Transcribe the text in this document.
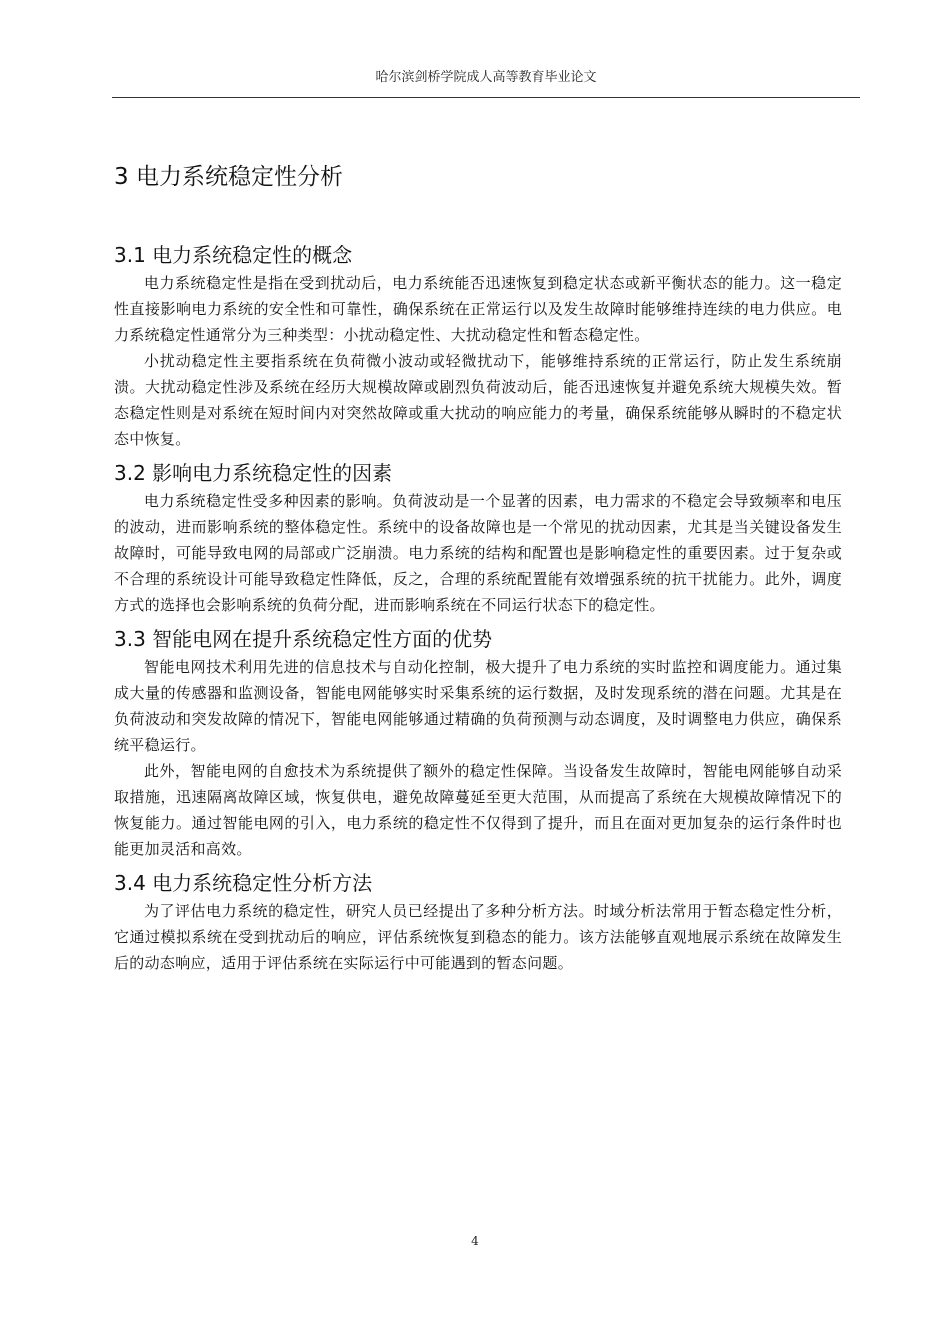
哈尔滨剑桥学院成人高等教育毕业论文
3 电力系统稳定性分析
3.1 电力系统稳定性的概念

电力系统稳定性是指在受到扰动后，电力系统能否迅速恢复到稳定状态或新平衡状态的能力。这一稳定性直接影响电力系统的安全性和可靠性，确保系统在正常运行以及发生故障时能够维持连续的电力供应。电力系统稳定性通常分为三种类型：小扰动稳定性、大扰动稳定性和暂态稳定性。

小扰动稳定性主要指系统在负荷微小波动或轻微扰动下，能够维持系统的正常运行，防止发生系统崩溃。大扰动稳定性涉及系统在经历大规模故障或剧烈负荷波动后，能否迅速恢复并避免系统大规模失效。暂态稳定性则是对系统在短时间内对突然故障或重大扰动的响应能力的考量，确保系统能够从瞬时的不稳定状态中恢复。

3.2 影响电力系统稳定性的因素

电力系统稳定性受多种因素的影响。负荷波动是一个显著的因素，电力需求的不稳定会导致频率和电压的波动，进而影响系统的整体稳定性。系统中的设备故障也是一个常见的扰动因素，尤其是当关键设备发生故障时，可能导致电网的局部或广泛崩溃。电力系统的结构和配置也是影响稳定性的重要因素。过于复杂或不合理的系统设计可能导致稳定性降低，反之，合理的系统配置能有效增强系统的抗干扰能力。此外，调度方式的选择也会影响系统的负荷分配，进而影响系统在不同运行状态下的稳定性。

3.3 智能电网在提升系统稳定性方面的优势

智能电网技术利用先进的信息技术与自动化控制，极大提升了电力系统的实时监控和调度能力。通过集成大量的传感器和监测设备，智能电网能够实时采集系统的运行数据，及时发现系统的潜在问题。尤其是在负荷波动和突发故障的情况下，智能电网能够通过精确的负荷预测与动态调度，及时调整电力供应，确保系统平稳运行。

此外，智能电网的自愈技术为系统提供了额外的稳定性保障。当设备发生故障时，智能电网能够自动采取措施，迅速隔离故障区域，恢复供电，避免故障蔓延至更大范围，从而提高了系统在大规模故障情况下的恢复能力。通过智能电网的引入，电力系统的稳定性不仅得到了提升，而且在面对更加复杂的运行条件时也能更加灵活和高效。

3.4 电力系统稳定性分析方法

为了评估电力系统的稳定性，研究人员已经提出了多种分析方法。时域分析法常用于暂态稳定性分析，它通过模拟系统在受到扰动后的响应，评估系统恢复到稳态的能力。该方法能够直观地展示系统在故障发生后的动态响应，适用于评估系统在实际运行中可能遇到的暂态问题。

4
